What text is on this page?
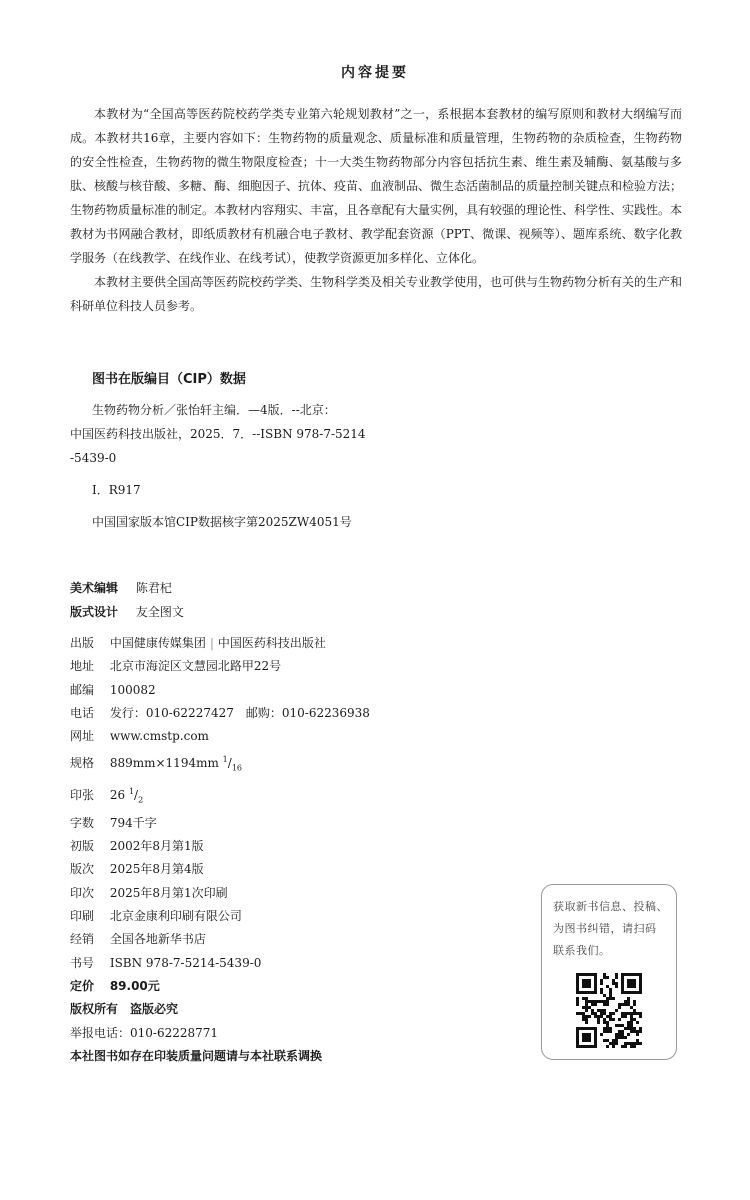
内容提要

本教材为“全国高等医药院校药学类专业第六轮规划教材”之一，系根据本套教材的编写原则和教材大纲编写而成。本教材共16章，主要内容如下：生物药物的质量观念、质量标准和质量管理，生物药物的杂质检查，生物药物的安全性检查，生物药物的微生物限度检查；十一大类生物药物部分内容包括抗生素、维生素及辅酶、氨基酸与多肽、核酸与核苷酸、多糖、酶、细胞因子、抗体、疫苗、血液制品、微生态活菌制品的质量控制关键点和检验方法；生物药物质量标准的制定。本教材内容翔实、丰富，且各章配有大量实例，具有较强的理论性、科学性、实践性。本教材为书网融合教材，即纸质教材有机融合电子教材、教学配套资源（PPT、微课、视频等）、题库系统、数字化教学服务（在线教学、在线作业、在线考试），使教学资源更加多样化、立体化。

本教材主要供全国高等医药院校药学类、生物科学类及相关专业教学使用，也可供与生物药物分析有关的生产和科研单位科技人员参考。

图书在版编目（CIP）数据
生物药物分析／张怡轩主编．—4版．--北京：
中国医药科技出版社，2025．7．--ISBN 978-7-5214
-5439-0
Ⅰ．R917
中国国家版本馆CIP数据核字第2025ZW4051号
美术编辑 陈君杞
版式设计 友全图文
出版 中国健康传媒集团 | 中国医药科技出版社
地址 北京市海淀区文慧园北路甲22号
邮编 100082
电话 发行：010-62227427　邮购：010-62236938
网址 www.cmstp.com
规格 889mm×1194mm $^1/_{16}$
印张 26 $^1/_2$
字数 794千字
初版 2002年8月第1版
版次 2025年8月第4版
印次 2025年8月第1次印刷
印刷 北京金康利印刷有限公司
经销 全国各地新华书店
书号 ISBN 978-7-5214-5439-0
定价 89.00元
版权所有　盗版必究
举报电话：010-62228771
本社图书如存在印装质量问题请与本社联系调换
获取新书信息、投稿、
为图书纠错，请扫码
联系我们。
